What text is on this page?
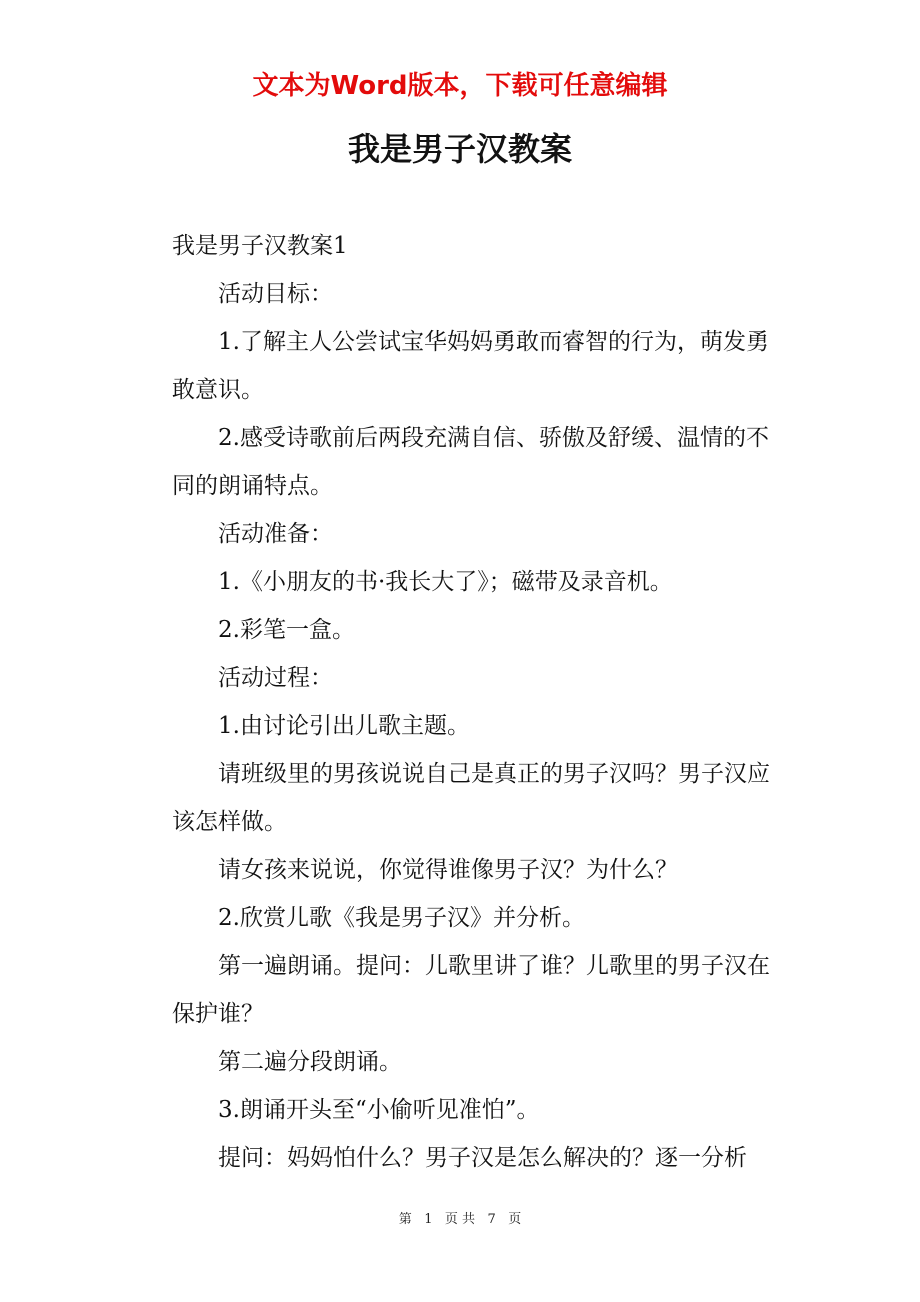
文本为Word版本，下载可任意编辑
我是男子汉教案

我是男子汉教案1

活动目标：

1.了解主人公尝试宝华妈妈勇敢而睿智的行为，萌发勇敢意识。

2.感受诗歌前后两段充满自信、骄傲及舒缓、温情的不同的朗诵特点。

活动准备：

1.《小朋友的书·我长大了》；磁带及录音机。

2.彩笔一盒。

活动过程：

1.由讨论引出儿歌主题。

请班级里的男孩说说自己是真正的男子汉吗？男子汉应该怎样做。

请女孩来说说，你觉得谁像男子汉？为什么？

2.欣赏儿歌《我是男子汉》并分析。

第一遍朗诵。提问：儿歌里讲了谁？儿歌里的男子汉在保护谁？

第二遍分段朗诵。

3.朗诵开头至“小偷听见准怕”。

提问：妈妈怕什么？男子汉是怎么解决的？逐一分析

第 1 页 共 7 页
